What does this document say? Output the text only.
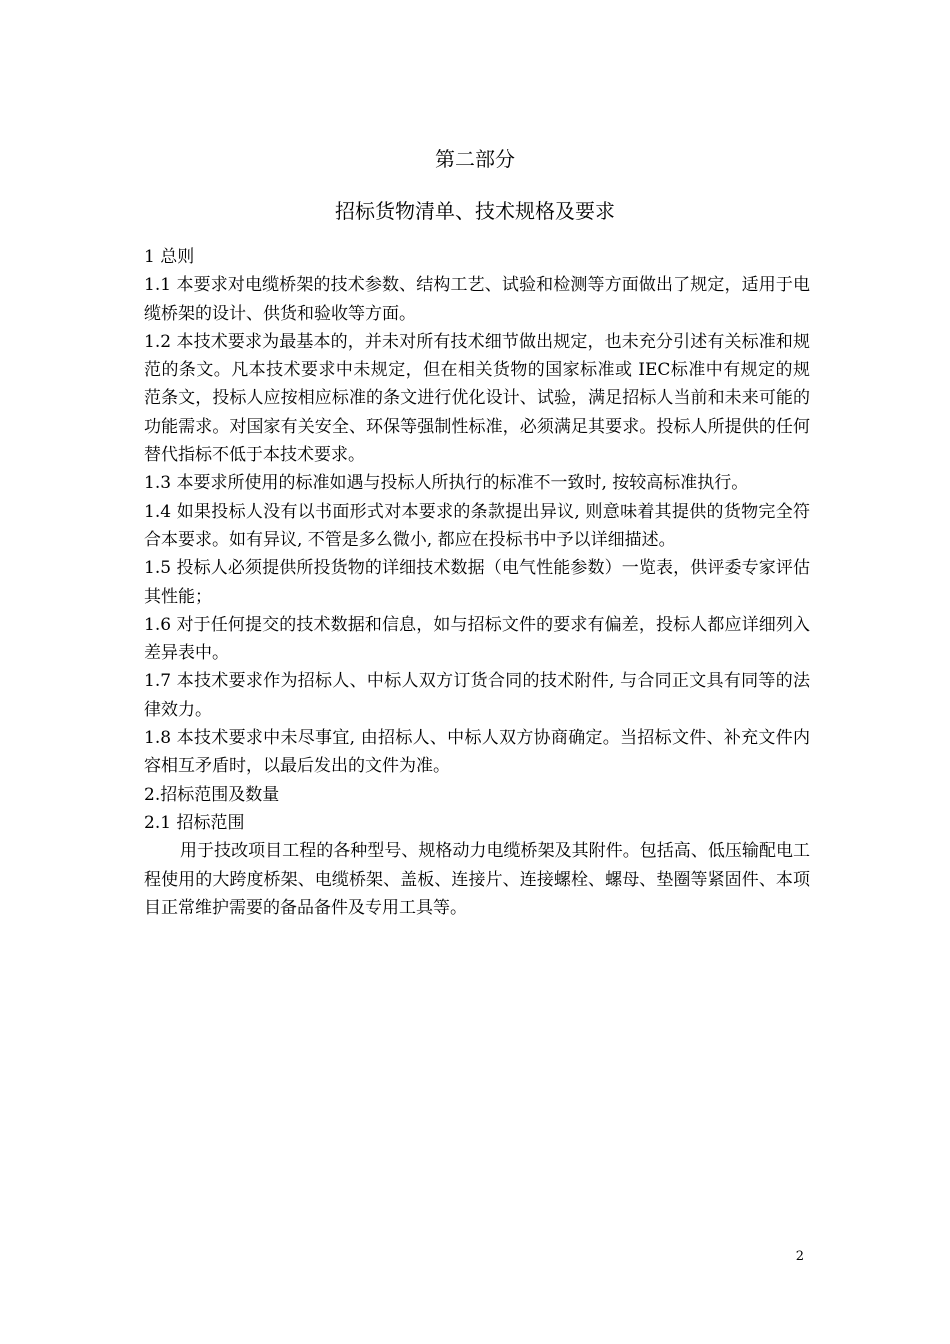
第二部分
招标货物清单、技术规格及要求

1 总则

1.1 本要求对电缆桥架的技术参数、结构工艺、试验和检测等方面做出了规定，适用于电缆桥架的设计、供货和验收等方面。

1.2 本技术要求为最基本的，并未对所有技术细节做出规定，也未充分引述有关标准和规范的条文。凡本技术要求中未规定，但在相关货物的国家标准或 IEC标准中有规定的规范条文，投标人应按相应标准的条文进行优化设计、试验，满足招标人当前和未来可能的功能需求。对国家有关安全、环保等强制性标准，必须满足其要求。投标人所提供的任何替代指标不低于本技术要求。

1.3 本要求所使用的标准如遇与投标人所执行的标准不一致时, 按较高标准执行。

1.4 如果投标人没有以书面形式对本要求的条款提出异议, 则意味着其提供的货物完全符合本要求。如有异议, 不管是多么微小, 都应在投标书中予以详细描述。

1.5 投标人必须提供所投货物的详细技术数据（电气性能参数）一览表，供评委专家评估其性能；

1.6 对于任何提交的技术数据和信息，如与招标文件的要求有偏差，投标人都应详细列入差异表中。

1.7 本技术要求作为招标人、中标人双方订货合同的技术附件, 与合同正文具有同等的法律效力。

1.8 本技术要求中未尽事宜, 由招标人、中标人双方协商确定。当招标文件、补充文件内容相互矛盾时，以最后发出的文件为准。

2.招标范围及数量

2.1 招标范围

用于技改项目工程的各种型号、规格动力电缆桥架及其附件。包括高、低压输配电工程使用的大跨度桥架、电缆桥架、盖板、连接片、连接螺栓、螺母、垫圈等紧固件、本项目正常维护需要的备品备件及专用工具等。

2
